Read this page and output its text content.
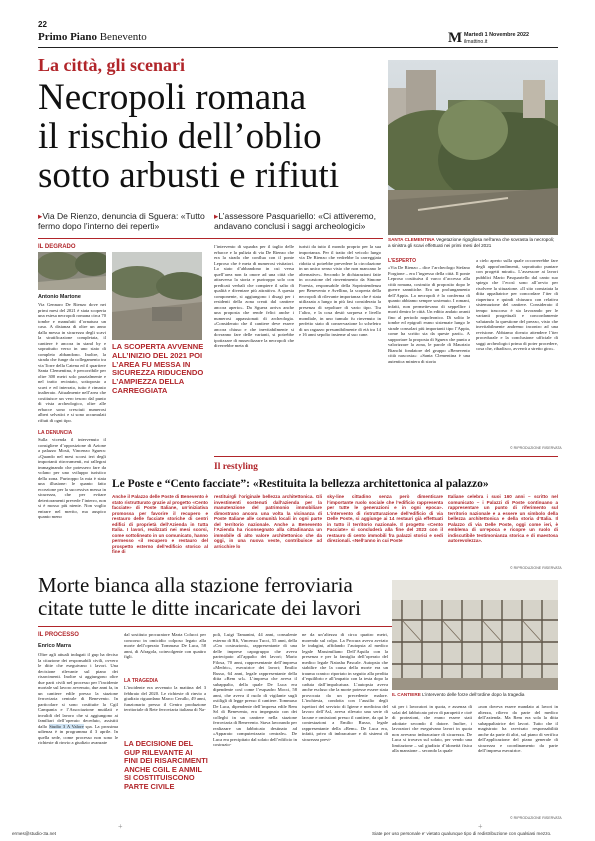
22
Primo Piano Benevento	M Martedì 1 Novembre 2022
ilmattino.it
La città, gli scenari
Necropoli romana
il rischio dell’oblio
sotto arbusti e rifiuti
▸Via De Rienzo, denuncia di Sguera: «Tutto fermo dopo l’interno dei reperti»
▸L’assessore Pasquariello: «Ci attiveremo, andavano conclusi i saggi archeologici»
SANTA CLEMENTINA Vegetazione rigogliosa nell’area che sovrasta la necropoli; a sinistra gli scavi effettuati nei primi mesi del 2021
IL DEGRADO
Antonio Martone
Via Gennaro De Rienzo dove nei primi mesi del 2021 è stata scoperta una estesa necropoli romana circa 70 tombe e manufatti d’ornatura un caso. A distanza di oltre un anno dalla messa in sicurezza degli scavi la stratificazione completata, il cantiere è ancora in stand by e soprattutto verso in uno stato di completo abbandono. Inoltre, la strada che funge da collegamento tra via Torre della Catena ed il quartiere Santa Clementina, è percorribile per oltre 300 metri solo parzialmente e nel tratto recintato, sottoposto a scavi e ed interrato, tutto è rimasto inalterato. Attualmente nell’area che costituisce un vero tesoro dal punto di vista archeologico, oltre alle erbacce sono cresciuti numerosi alberi selvatici e si sono accumulati rifiuti di ogni tipo.
LA DENUNCIA
Sulla vicenda il intervenuto il consigliere d’opposizione di Azione a palazzo Mosti, Vincenzo Sguera: «Quando nel mesi scorsi ieri degli importanti ritrovamenti, mi rallegrai immaginando che potessero fare da volano per uno sviluppo turistico della zona. Purtroppo la mia è stata una illusione: le quanto fatto eccezione per la successiva messa in sicurezza, che per evitare deterioramenti prevede l’interro, non si è mosso più niente. Non voglio entrare nel merito, ma auspico quanto meno
LA SCOPERTA AVVENNE ALL’INIZIO DEL 2021 POI L’AREA FU MESSA IN SICUREZZA RIDUCENDO L’AMPIEZZA DELLA CARREGGIATA
l’intervento di squadra per il taglio delle erbacce e la pulizia di via De Rienzo che era la strada che conflua con il ponte Leproso che è meta di numerosi visitatori. Lo stato d’abbandono in cui versa quell’area non fa onore ad una città che attraverso la storia e purtroppo solo con predicati verbali che compiere il salto di qualità e diventare più attrattiva. A questa componente, si aggiungono i disagi per i residenti della zona creati dal cantiere ancora aperto». Da Sguera arriva anche una proposta che rende felici anche i numerosi appassionati di archeologia. «Considerato che il cantiere deve essere ancora chiuso e che inevitabilmente si dovranno fare delle varianti, si potrebbe ipotizzare di museolizzare la necropoli che diverrebbe meta di
turisti da tutto il mondo proprio per la sua importanza. Per il tratto del veicolo lungo via De Rienzo che vedrebbe la carreggiata ridotta si potrebbe prevedere la circolazione in un unico senso visto che non mancano le alternative». Secondo le dichiarazioni fatte in occasione del rinvenimento da Simone Foresta, responsabile della Soprintendenza per Benevento e Avellino, la scoperta della necropoli di rilevante importanza che è stata utilizzata a lungo in più fasi considerata la presenza di sepolture di vario tipo. Tra l’altro, e la cosa destò sorpresa e livello mondiale, in uno tumulo fu rinvenuto in perfetto stato di conservazione lo scheletro di un ragazzo presumibilmente di età tra 14 e 16 anni sepolto insieme al suo cane.
L’ESPERTO
«Via De Rienzo – dice l’archeologo Stefano Forgione – era l’ingresso della città. Il ponte Leproso costituiva il varco d’accesso alla città romana, costruito di proposito dopo le guerre sannitiche. Era un prolungamento dell’Appia. La necropoli è la conferma di quanto abbiamo sempre sostenuto. I romani, infatti, non permettevano di seppellire i morti dentro le città. Un editto andato avanti fino al periodo napoleonico. Di solito le tombe ed epigrafi erano sistemate lungo le strade consolari più importanti tipo l’Appia, come ha scritto sta da queste parti». A supportare la proposta di Sguera che punta a valorizzare la zona, le parole di Maurizio Bianchi fondatore del gruppo «Benevento città nascosta»: «Santa Clementina è una autentica miniera di storia
a cielo aperto sulla quale occorrerebbe fare degli approfondimenti, soprattutto puntare con progetti mirati». L’assessore ai lavori pubblici Mario Pasquariello dal canto suo spiega che l’ecosì sono all’avvio per risolvere la situazione. «Il sito constatata la ditta appaltatrice per concordare l’iter di riapertura e quindi chiusura con relativa sistemazione del cantiere. Considerato il tempo trascorso è sta lavorando per le varianti progettuali e concordamente valutando la questione del prezzo, visto che inevitabilmente andremo incontro ad una revisione. Abbiamo dovuto attendere l’iter procedurale e la conclusione ufficiale di saggi archeologici prima di poter procedere, cosa che, ribadisco, avverrà a stretto giro».
© RIPRODUZIONE RISERVATA
Il restyling
Le Poste e “Cento facciate”: «Restituita la bellezza architettonica al palazzo»
Anche il Palazzo delle Poste di Benevento è stato ristrutturato grazie al progetto «Cento facciate» di Poste Italiane, un’iniziativa promossa per favorire il recupero e restauro delle facciate storiche di centri edifici di proprietà dell’Azienda in tutta Italia. I lavori, realizzati nei mesi scorsi, come sottolineato in un comunicato, hanno permesso «il recupero e restauro del prospetto esterno dell’edificio storico al fine di
restituirgli l’originale bellezza architettonica. Gli investimenti sostenuti dall’azienda per la manutenzione del patrimonio immobiliare dimostrano ancora una volta la vicinanza di Poste Italiane alle comunità locali in ogni parte del territorio nazionale. Anche a Benevento l’Azienda ha riconsegnato alla cittadinanza un immobile di alto valore architettonico che da oggi, in una nuova veste, contribuisce ad arricchire lo
sky-line cittadino senza però dimenticare l’importante ruolo sociale che l’edificio rappresenta per tutte le generazioni e in ogni epoca». L’intervento di ristrutturazione dell’edificio di via Delle Poste, si aggiunge ai 14 restauri già effettuati in tutto il territorio nazionale. Il progetto «Cento Facciate» si concluderà alla fine del 2023 con il restauro di cento immobili fra palazzi storici e sedi direzionali. «Nell’anno in cui Poste
Italiane celebra i suoi 160 anni – scritto nel comunicato – i Palazzi di Poste continuano a rappresentare un punto di riferimento sul territorio nazionale e a essere un simbolo della bellezza architettonica e della storia d’Italia. Il Palazzo di via Delle Poste, oggi come ieri, è emblema di un’epoca e ricopre un ruolo di indiscutibile testimonianza storica e di maestosa autorevolezza».
© RIPRODUZIONE RISERVATA
Morte bianca alla stazione ferroviaria
citate tutte le ditte incaricate dei lavori
IL PROCESSO
Enrico Marra
Oltre agli attuali indagati il gup ha deciso la citazione dei responsabili civili, ovvero le ditte che eseguivano i lavori. Una decisione rilevante sul piano dei risarcimenti. Inoltre si aggiungono oltre due parti civili nel processo per l’incidente mortale sul lavoro avvenuto, due anni fa, in un cantiere edile presso la stazione ferroviaria centrale di Benevento. In particolare si sono costituite la Cgil Campania e l’Associazione mutilati e invalidi del lavoro che si aggiungono ai familiari dell’operaio deceduto, assistiti dallo Studio 3 A Valore spa. La prossima udienza è in programma il 3 aprile. In quella sede, come processo non sono le richieste di rinvio a giudizio avanzate
dal sostituto procuratore Maria Colucci per concorso in omicidio colposo legato alla morte dell’operaio Tommaso De Luca, 58 anni, di Afragola, coinvolgente con quattro figli.
LA TRAGEDIA
L’incidente era avvenuto la mattina del 3 febbraio del 2020. Le richieste di rinvio a giudizio riguardano Marco Cerullo, 49 anni, funzionario presso il Centro produzione territoriale di Rete ferroviaria italiana di Na-
LA DECISIONE DEL GUP RILEVANTE AI FINI DEI RISARCIMENTI ANCHE CGIL E ANMIL SI COSTITUISCONO PARTE CIVILE
poli, Luigi Tamanini, 44 anni, consulente esterno di Rfi, Vincenzo Tucci, 55 anni, della «Cm costruzioni», rappresentante di una delle imprese capogruppo che aveva partecipato all’appalto dei lavori; Mario Filosa, 70 anni, rappresentante dell’impresa «Medric», esecutrice dei lavori; Emilio Russo, 64 anni, legale rappresentante della ditta «Rem srl». L’impresa che aveva il subappalto, della quale De Luca era dipendente così come l’esquadro Mocci, 58 anni, che aveva il ruolo di vigilante sugli ostiligli di legge presso il cantiere. Tommaso De Luca, dipendente dell’impresa edile Rem Srl di Benevento, era impegnato con dei colleghi in un cantiere nella stazione ferroviaria di Benevento. Stava lavorando per realizzare un fabbricato destinato ad «Apparato computerizzato centrale». De Luca era precipitato dal solaio dell’edificio in costruzio-
ne da un’altezza di circa quattro metri, morendo sul colpo. La Procura aveva avviato le indagini, affidando l’autopsia al medico legale Massimiliano Dell’Aquila con la presenza e per la famiglia dell’operaio del medico legale Natasha Pascale. Autopsia che stabilire che la causa della morte era un trauma cranico riportato in seguito alla perdita d’equilibrio e all’impatto con la testa dopo la caduta dall’impalcatura. L’autopsia aveva anche escluso che la morte potesse essere stata provocata da un precedente malore. L’inchiesta, condotta con l’ausilio degli ispettori del servizio di Igiene e medicina del lavoro dell’Asl, aveva rilevato una serie di lacune e omissioni presso il cantiere, da qui le contestazioni a Emilio Russo, legale rappresentante della «Rem». De Luca era, infatti, privo di imbracature e di sistemi di sicurezza previ-
IL CANTIERE L’intervento delle forze dell’ordine dopo la tragedia
sti per i lavoratori in quota, e assenza di solai del fabbricato privo di parapetti e cioè di protezioni, che erano essere stati adottate secondo il datore. Inoltre, i lavoratori che eseguivano lavori in quota non avevano imbracature di sicurezza. De Luca si trovava sul solaio, per vendo una limitazione – sul giudizio d’idoneità fisica alla mansione – secondo la quale
«non doveva essere mandato ai lavori in altezza, rilievo da parte del medico dell’azienda. Ma Rem era sola la ditta subappaltatrice dei lavori. Tutto che il magistrato ha ravvisato responsabilità anche da parte di altri, sul piano di verifica dell’applicazione del piano generale di sicurezza e coordinamento da parte dell’impresa esecutrice.
© RIPRODUZIONE RISERVATA
+	+
ermes@studio-3a.net	Siate per uso personale e’ vietato qualunque tipo di redistribuzione con qualsiasi mezzo.
